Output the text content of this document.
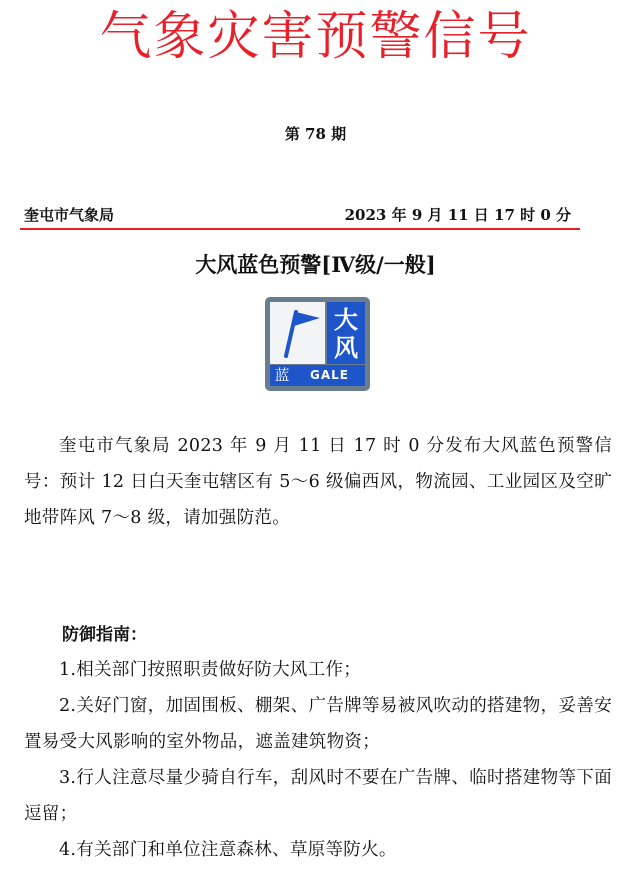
气象灾害预警信号
第 78 期
奎屯市气象局	2023 年 9 月 11 日 17 时 0 分
大风蓝色预警[Ⅳ级/一般]
大
风
蓝	GALE

奎屯市气象局 2023 年 9 月 11 日 17 时 0 分发布大风蓝色预警信号：预计 12 日白天奎屯辖区有 5～6 级偏西风，物流园、工业园区及空旷地带阵风 7～8 级，请加强防范。

防御指南：
1.相关部门按照职责做好防大风工作；
2.关好门窗，加固围板、棚架、广告牌等易被风吹动的搭建物，妥善安置易受大风影响的室外物品，遮盖建筑物资；
3.行人注意尽量少骑自行车，刮风时不要在广告牌、临时搭建物等下面逗留；
4.有关部门和单位注意森林、草原等防火。
